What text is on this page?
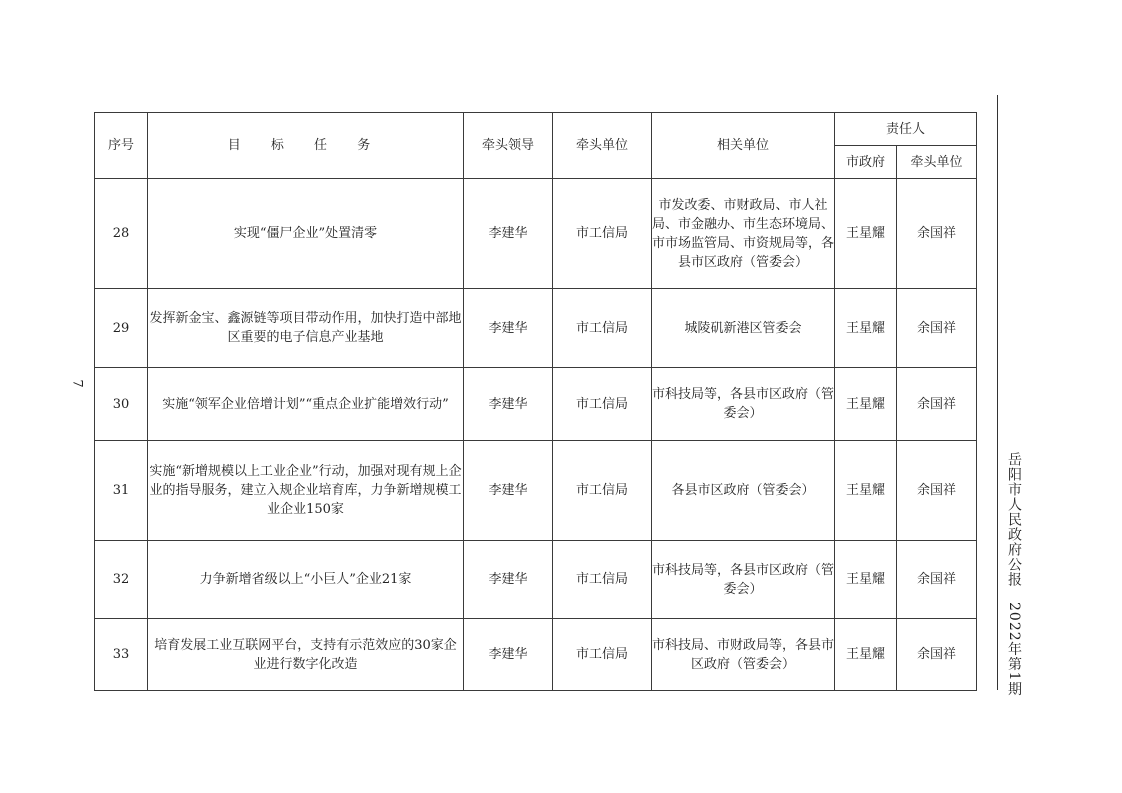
序号	目 标 任 务	牵头领导	牵头单位	相关单位	责任人	
					市政府	牵头单位
28	实现“僵尸企业”处置清零	李建华	市工信局	市发改委、市财政局、市人社局、市金融办、市生态环境局、市市场监管局、市资规局等，各县市区政府（管委会）	王星耀	余国祥
29	发挥新金宝、鑫源链等项目带动作用，加快打造中部地区重要的电子信息产业基地	李建华	市工信局	城陵矶新港区管委会	王星耀	余国祥
30	实施“领军企业倍增计划”“重点企业扩能增效行动”	李建华	市工信局	市科技局等，各县市区政府（管委会）	王星耀	余国祥
31	实施“新增规模以上工业企业”行动，加强对现有规上企业的指导服务，建立入规企业培育库，力争新增规模工业企业150家	李建华	市工信局	各县市区政府（管委会）	王星耀	余国祥
32	力争新增省级以上“小巨人”企业21家	李建华	市工信局	市科技局等，各县市区政府（管委会）	王星耀	余国祥
33	培育发展工业互联网平台，支持有示范效应的30家企业进行数字化改造	李建华	市工信局	市科技局、市财政局等，各县市区政府（管委会）	王星耀	余国祥	岳阳市人民政府公报　2022年第1期
7
